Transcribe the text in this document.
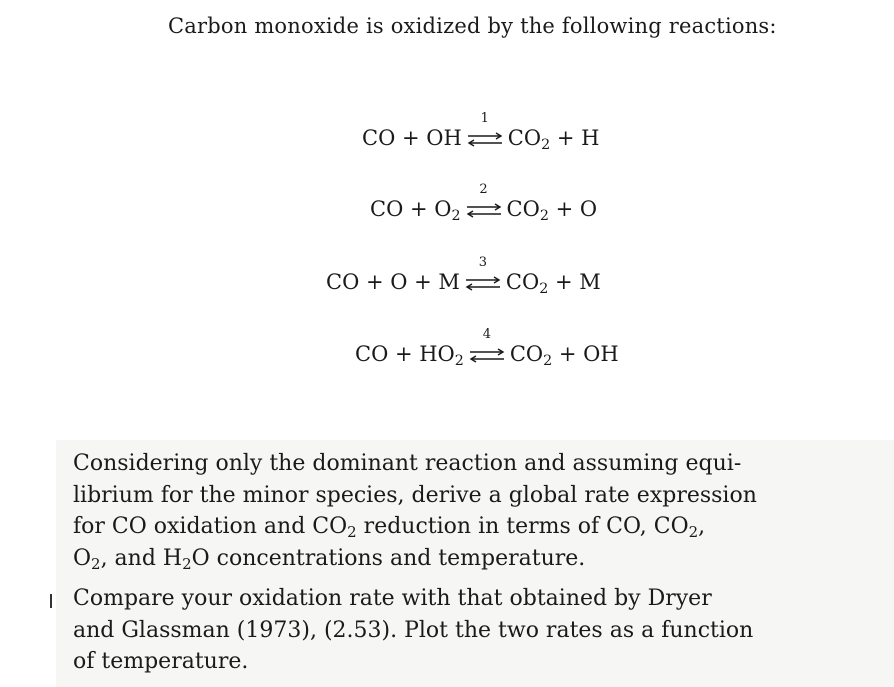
Carbon monoxide is oxidized by the following reactions:
CO + OH
1
$CO_2 + H$
CO + $O_2$
2
$CO_2 + O$
CO + O + M
3
$CO_2 + M$
CO + $HO_2$
4
$CO_2$ + OH
Considering only the dominant reaction and assuming equi-
librium for the minor species, derive a global rate expression
for CO oxidation and $CO_2$ reduction in terms of CO, $CO_2$,
$O_2$, and $H_2O$ concentrations and temperature.
Compare your oxidation rate with that obtained by Dryer
and Glassman (1973), (2.53). Plot the two rates as a function
of temperature.
